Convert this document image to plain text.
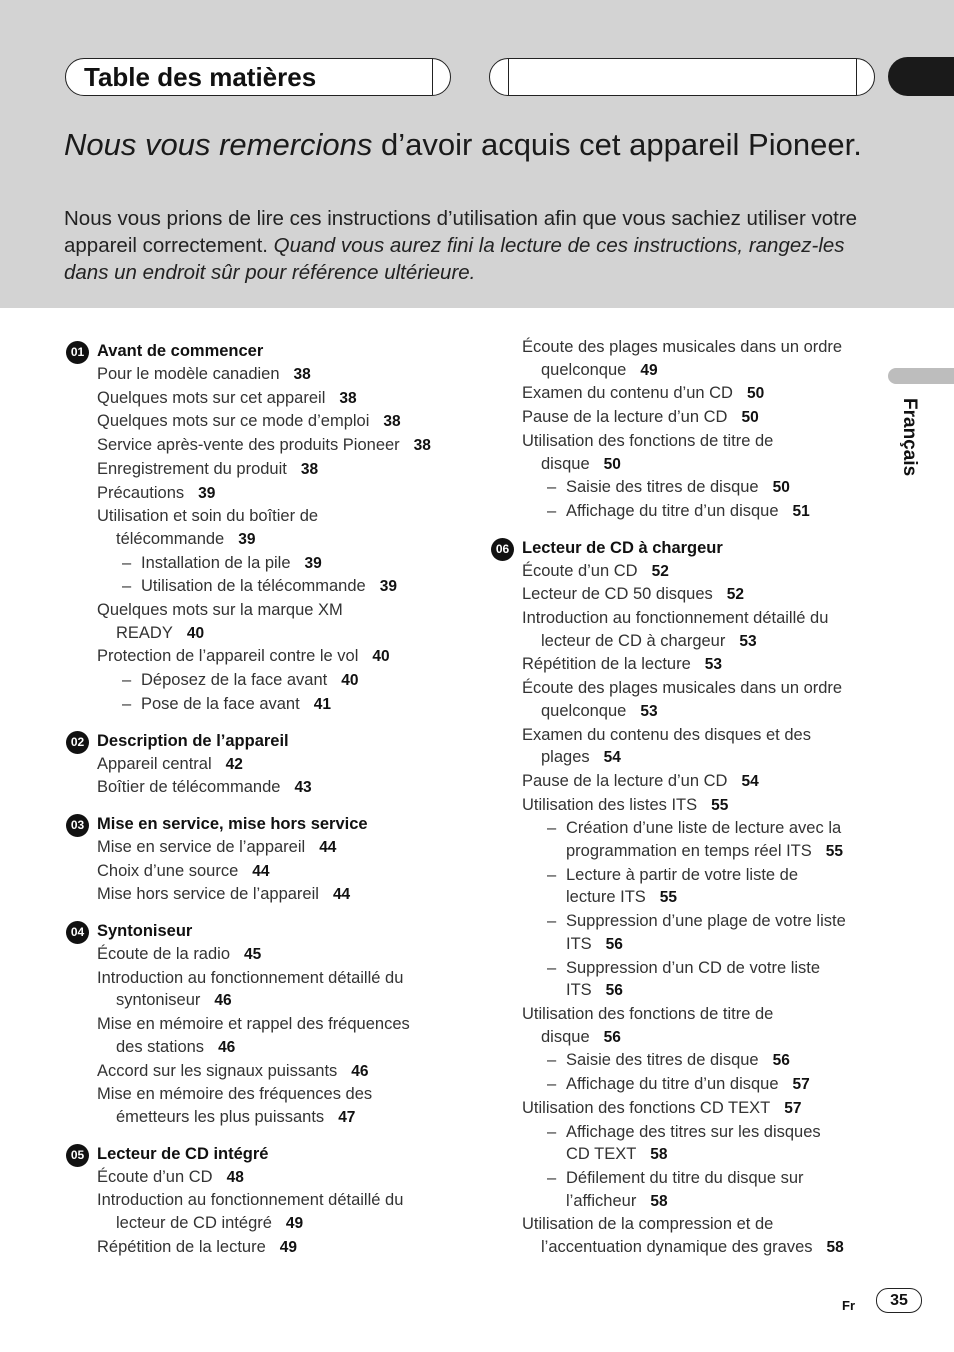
Table des matières
Nous vous remercions d’avoir acquis cet appareil Pioneer.
Nous vous prions de lire ces instructions d’utilisation afin que vous sachiez utiliser votre appareil correctement. Quand vous aurez fini la lecture de ces instructions, rangez-les dans un endroit sûr pour référence ultérieure.
Français
01 Avant de commencer
Pour le modèle canadien 38
Quelques mots sur cet appareil 38
Quelques mots sur ce mode d’emploi 38
Service après-vente des produits Pioneer 38
Enregistrement du produit 38
Précautions 39
Utilisation et soin du boîtier de
télécommande 39
– Installation de la pile 39
– Utilisation de la télécommande 39
Quelques mots sur la marque XM
READY 40
Protection de l’appareil contre le vol 40
– Déposez de la face avant 40
– Pose de la face avant 41
02 Description de l’appareil
Appareil central 42
Boîtier de télécommande 43
03 Mise en service, mise hors service
Mise en service de l’appareil 44
Choix d’une source 44
Mise hors service de l’appareil 44
04 Syntoniseur
Écoute de la radio 45
Introduction au fonctionnement détaillé du
syntoniseur 46
Mise en mémoire et rappel des fréquences
des stations 46
Accord sur les signaux puissants 46
Mise en mémoire des fréquences des
émetteurs les plus puissants 47
05 Lecteur de CD intégré
Écoute d’un CD 48
Introduction au fonctionnement détaillé du
lecteur de CD intégré 49
Répétition de la lecture 49
Écoute des plages musicales dans un ordre
quelconque 49
Examen du contenu d’un CD 50
Pause de la lecture d’un CD 50
Utilisation des fonctions de titre de
disque 50
– Saisie des titres de disque 50
– Affichage du titre d’un disque 51
06 Lecteur de CD à chargeur
Écoute d’un CD 52
Lecteur de CD 50 disques 52
Introduction au fonctionnement détaillé du
lecteur de CD à chargeur 53
Répétition de la lecture 53
Écoute des plages musicales dans un ordre
quelconque 53
Examen du contenu des disques et des
plages 54
Pause de la lecture d’un CD 54
Utilisation des listes ITS 55
– Création d’une liste de lecture avec la
programmation en temps réel ITS 55
– Lecture à partir de votre liste de
lecture ITS 55
– Suppression d’une plage de votre liste
ITS 56
– Suppression d’un CD de votre liste
ITS 56
Utilisation des fonctions de titre de
disque 56
– Saisie des titres de disque 56
– Affichage du titre d’un disque 57
Utilisation des fonctions CD TEXT 57
– Affichage des titres sur les disques
CD TEXT 58
– Défilement du titre du disque sur
l’afficheur 58
Utilisation de la compression et de
l’accentuation dynamique des graves 58
Fr	35
